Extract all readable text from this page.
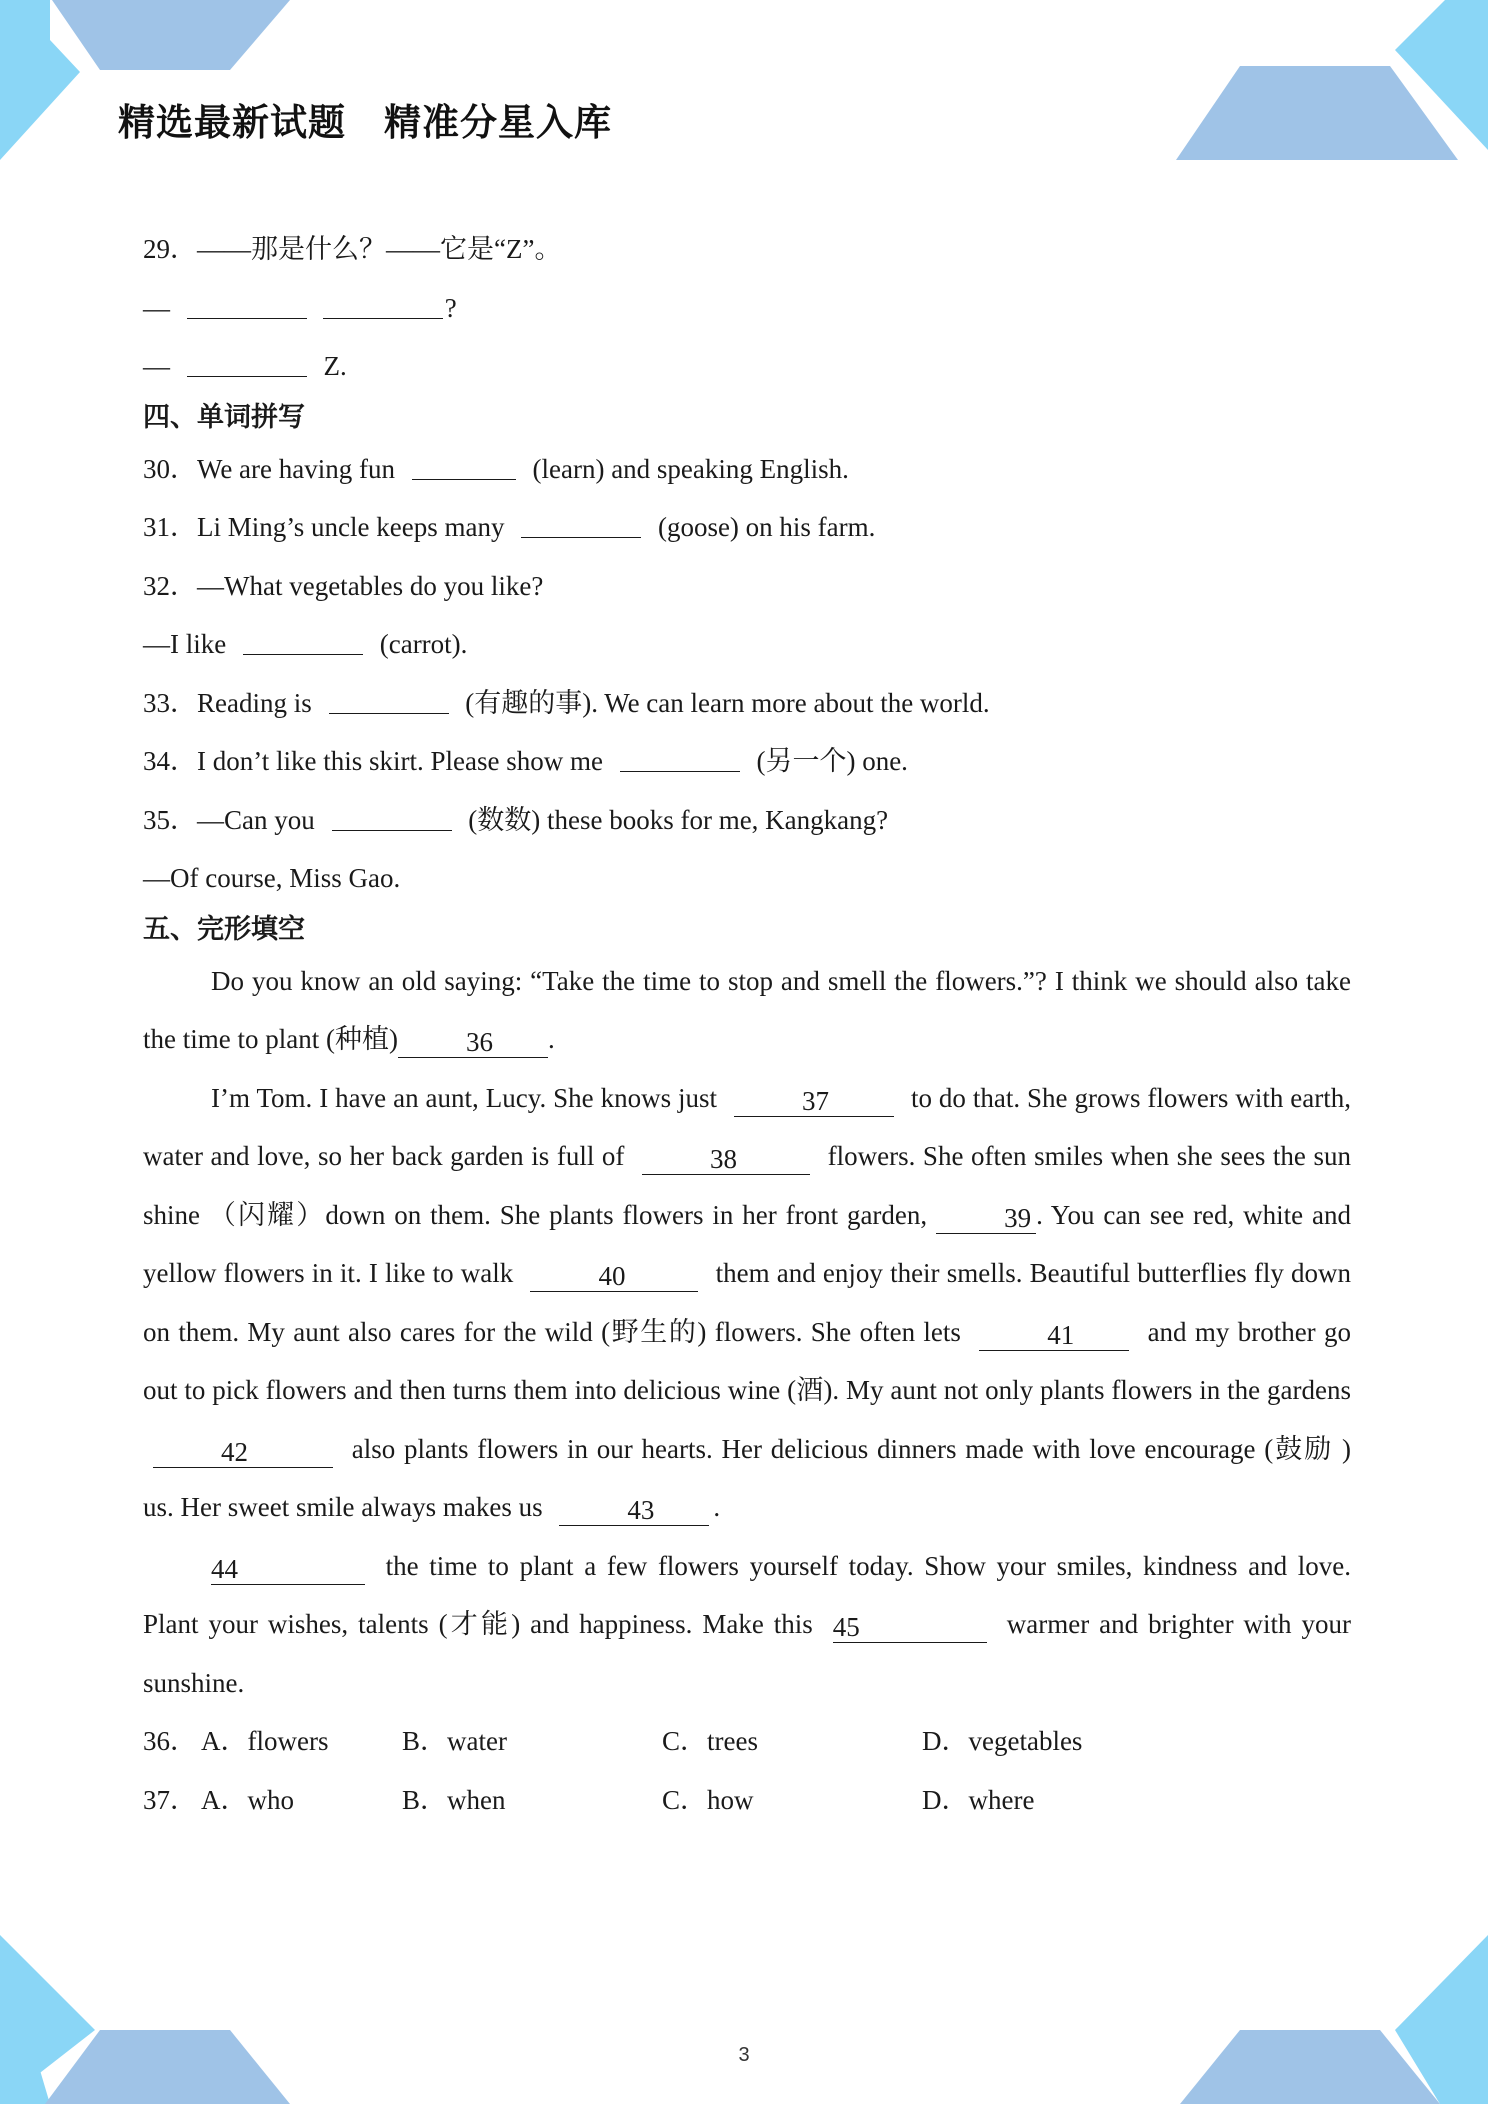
精选最新试题　精准分星入库
29．——那是什么？——它是“Z”。
—	?
—	Z.
四、单词拼写
30．We are having fun	(learn) and speaking English.
31．Li Ming’s uncle keeps many	(goose) on his farm.
32．—What vegetables do you like?
—I like	(carrot).
33．Reading is	(有趣的事). We can learn more about the world.
34．I don’t like this skirt. Please show me	(另一个) one.
35．—Can you	(数数) these books for me, Kangkang?
—Of course, Miss Gao.
五、完形填空

Do you know an old saying: “Take the time to stop and smell the flowers.”? I think we should also take the time to plant (种植)	36 .

I’m Tom. I have an aunt, Lucy. She knows just	37	to do that. She grows flowers with earth, water and love, so her back garden is full of	38	flowers. She often smiles when she sees the sun shine （闪耀）down on them. She plants flowers in her front garden,	39 . You can see red, white and yellow flowers in it. I like to walk	40	them and enjoy their smells. Beautiful butterflies fly down on them. My aunt also cares for the wild (野生的) flowers. She often lets	41	and my brother go out to pick flowers and then turns them into delicious wine (酒). My aunt not only plants flowers in the gardens 42	also plants flowers in our hearts. Her delicious dinners made with love encourage (鼓励 ) us. Her sweet smile always makes us	43 .

44	the time to plant a few flowers yourself today. Show your smiles, kindness and love. Plant your wishes, talents (才能) and happiness. Make this 45	warmer and brighter with your sunshine.

36． A．flowers	B．water	C．trees	D．vegetables
37． A．who	B．when	C．how	D．where
3
